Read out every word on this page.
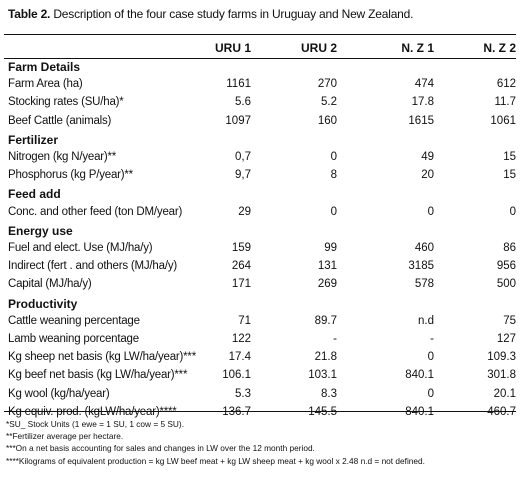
Table 2. Description of the four case study farms in Uruguay and New Zealand.
URU 1	URU 2	N. Z 1	N. Z 2
Farm Details
Farm Area (ha)	1161	270	474	612
Stocking rates (SU/ha)*	5.6	5.2	17.8	11.7
Beef Cattle (animals)	1097	160	1615	1061
Fertilizer
Nitrogen (kg N/year)**	0,7	0	49	15
Phosphorus (kg P/year)**	9,7	8	20	15
Feed add
Conc. and other feed (ton DM/year)	29	0	0	0
Energy use
Fuel and elect. Use (MJ/ha/y)	159	99	460	86
Indirect (fert . and others (MJ/ha/y)	264	131	3185	956
Capital (MJ/ha/y)	171	269	578	500
Productivity
Cattle weaning percentage	71	89.7	n.d	75
Lamb weaning porcentage	122	-	-	127
Kg sheep net basis (kg LW/ha/year)***	17.4	21.8	0	109.3
Kg beef net basis (kg LW/ha/year)***	106.1	103.1	840.1	301.8
Kg wool (kg/ha/year)	5.3	8.3	0	20.1
Kg equiv. prod. (kgLW/ha/year)****	136.7	145.5	840.1	460.7
*SU_ Stock Units (1 ewe = 1 SU, 1 cow = 5 SU).
**Fertilizer average per hectare.
***On a net basis accounting for sales and changes in LW over the 12 month period.
****Kilograms of equivalent production = kg LW beef meat + kg LW sheep meat + kg wool x 2.48 n.d = not defined.
